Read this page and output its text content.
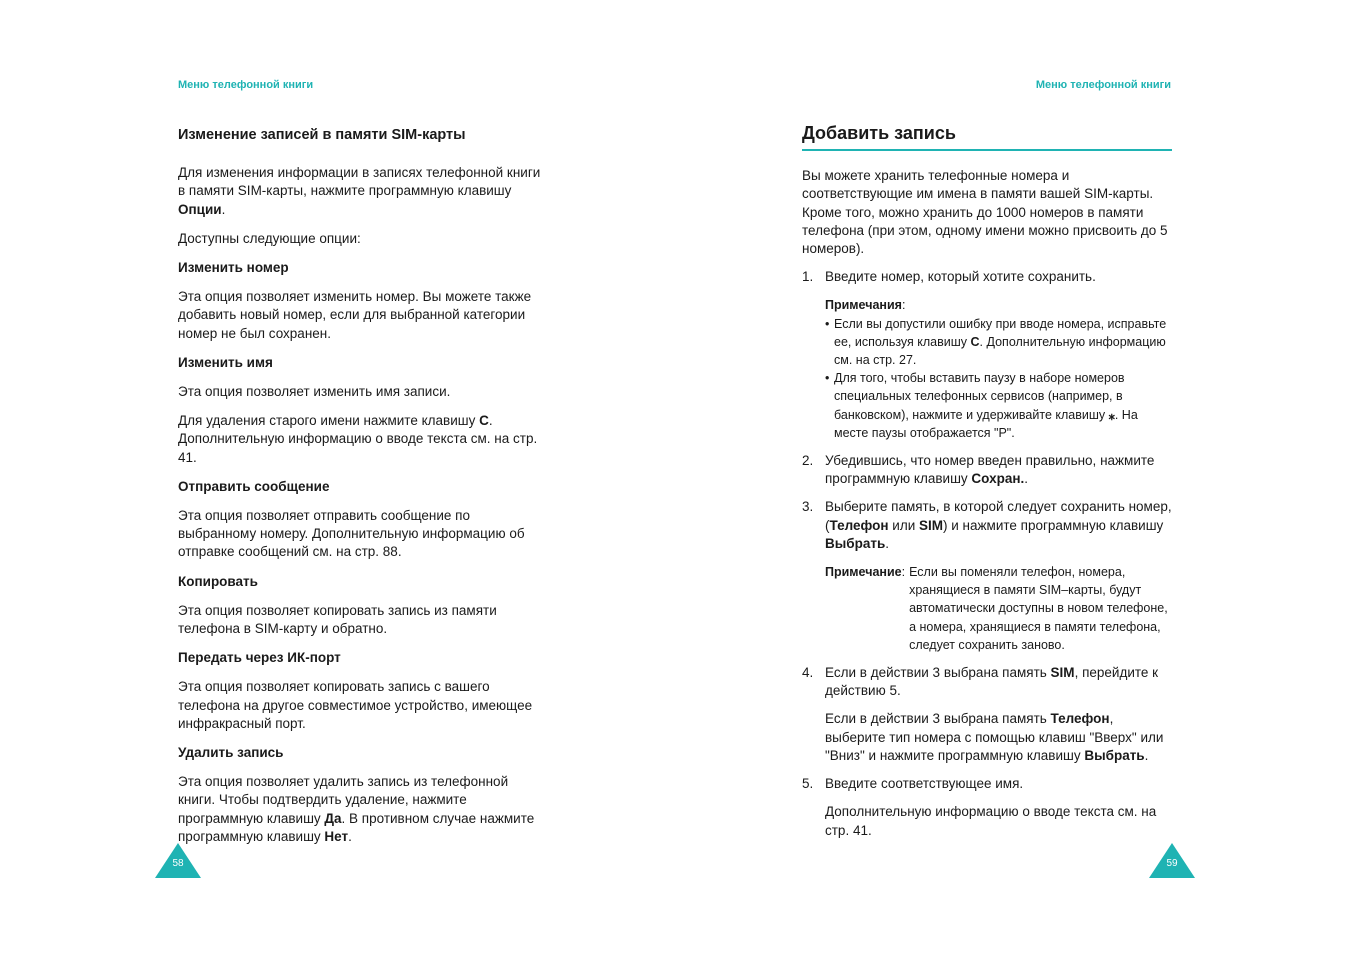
Меню телефонной книги	Меню телефонной книги

Изменение записей в памяти SIM-карты

Для изменения информации в записях телефонной книги в памяти SIM-карты, нажмите программную клавишу Опции.

Доступны следующие опции:

Изменить номер

Эта опция позволяет изменить номер. Вы можете также добавить новый номер, если для выбранной категории номер не был сохранен.

Изменить имя

Эта опция позволяет изменить имя записи.

Для удаления старого имени нажмите клавишу C. Дополнительную информацию о вводе текста см. на стр. 41.

Отправить сообщение

Эта опция позволяет отправить сообщение по выбранному номеру. Дополнительную информацию об отправке сообщений см. на стр. 88.

Копировать

Эта опция позволяет копировать запись из памяти телефона в SIM-карту и обратно.

Передать через ИК-порт

Эта опция позволяет копировать запись с вашего телефона на другое совместимое устройство, имеющее инфракрасный порт.

Удалить запись

Эта опция позволяет удалить запись из телефонной книги. Чтобы подтвердить удаление, нажмите программную клавишу Да. В противном случае нажмите программную клавишу Нет.

Добавить запись

Вы можете хранить телефонные номера и соответствующие им имена в памяти вашей SIM-карты. Кроме того, можно хранить до 1000 номеров в памяти телефона (при этом, одному имени можно присвоить до 5 номеров).

1. Введите номер, который хотите сохранить.
Примечания:
• Если вы допустили ошибку при вводе номера, исправьте ее, используя клавишу C. Дополнительную информацию см. на стр. 27.
• Для того, чтобы вставить паузу в наборе номеров специальных телефонных сервисов (например, в банковском), нажмите и удерживайте клавишу ⁎. На месте паузы отображается "P".
2. Убедившись, что номер введен правильно, нажмите программную клавишу Сохран..
3. Выберите память, в которой следует сохранить номер, (Телефон или SIM) и нажмите программную клавишу Выбрать.
Примечание: Если вы поменяли телефон, номера, хранящиеся в памяти SIM–карты, будут автоматически доступны в новом телефоне, а номера, хранящиеся в памяти телефона, следует сохранить заново.
4. Если в действии 3 выбрана память SIM, перейдите к действию 5.

Если в действии 3 выбрана память Телефон, выберите тип номера с помощью клавиш "Вверх" или "Вниз" и нажмите программную клавишу Выбрать.

5. Введите соответствующее имя.

Дополнительную информацию о вводе текста см. на стр. 41.

58	59
